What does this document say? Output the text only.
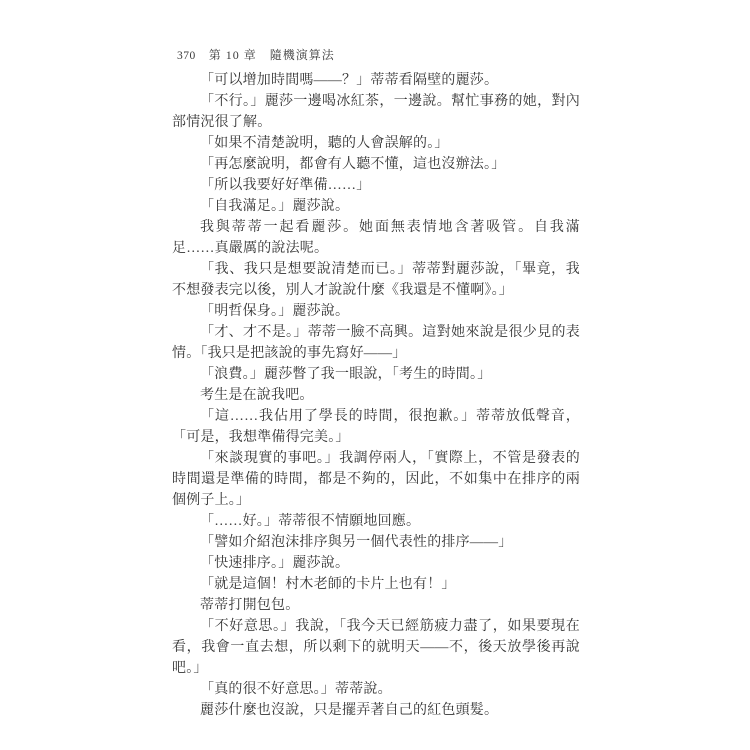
370 第 10 章 隨機演算法

「可以增加時間嗎——？」蒂蒂看隔壁的麗莎。

「不行。」麗莎一邊喝冰紅茶，一邊說。幫忙事務的她，對內部情況很了解。

「如果不清楚說明，聽的人會誤解的。」

「再怎麼說明，都會有人聽不懂，這也沒辦法。」

「所以我要好好準備……」

「自我滿足。」麗莎說。

我與蒂蒂一起看麗莎。她面無表情地含著吸管。自我滿足……真嚴厲的說法呢。

「我、我只是想要說清楚而已。」蒂蒂對麗莎說，「畢竟，我不想發表完以後，別人才說說什麼《我還是不懂啊》。」

「明哲保身。」麗莎說。

「才、才不是。」蒂蒂一臉不高興。這對她來說是很少見的表情。「我只是把該說的事先寫好——」

「浪費。」麗莎瞥了我一眼說，「考生的時間。」

考生是在說我吧。

「這……我佔用了學長的時間，很抱歉。」蒂蒂放低聲音，「可是，我想準備得完美。」

「來談現實的事吧。」我調停兩人，「實際上，不管是發表的時間還是準備的時間，都是不夠的，因此，不如集中在排序的兩個例子上。」

「……好。」蒂蒂很不情願地回應。

「譬如介紹泡沫排序與另一個代表性的排序——」

「快速排序。」麗莎說。

「就是這個！村木老師的卡片上也有！」

蒂蒂打開包包。

「不好意思。」我說，「我今天已經筋疲力盡了，如果要現在看，我會一直去想，所以剩下的就明天——不，後天放學後再說吧。」

「真的很不好意思。」蒂蒂說。

麗莎什麼也沒說，只是擺弄著自己的紅色頭髮。
